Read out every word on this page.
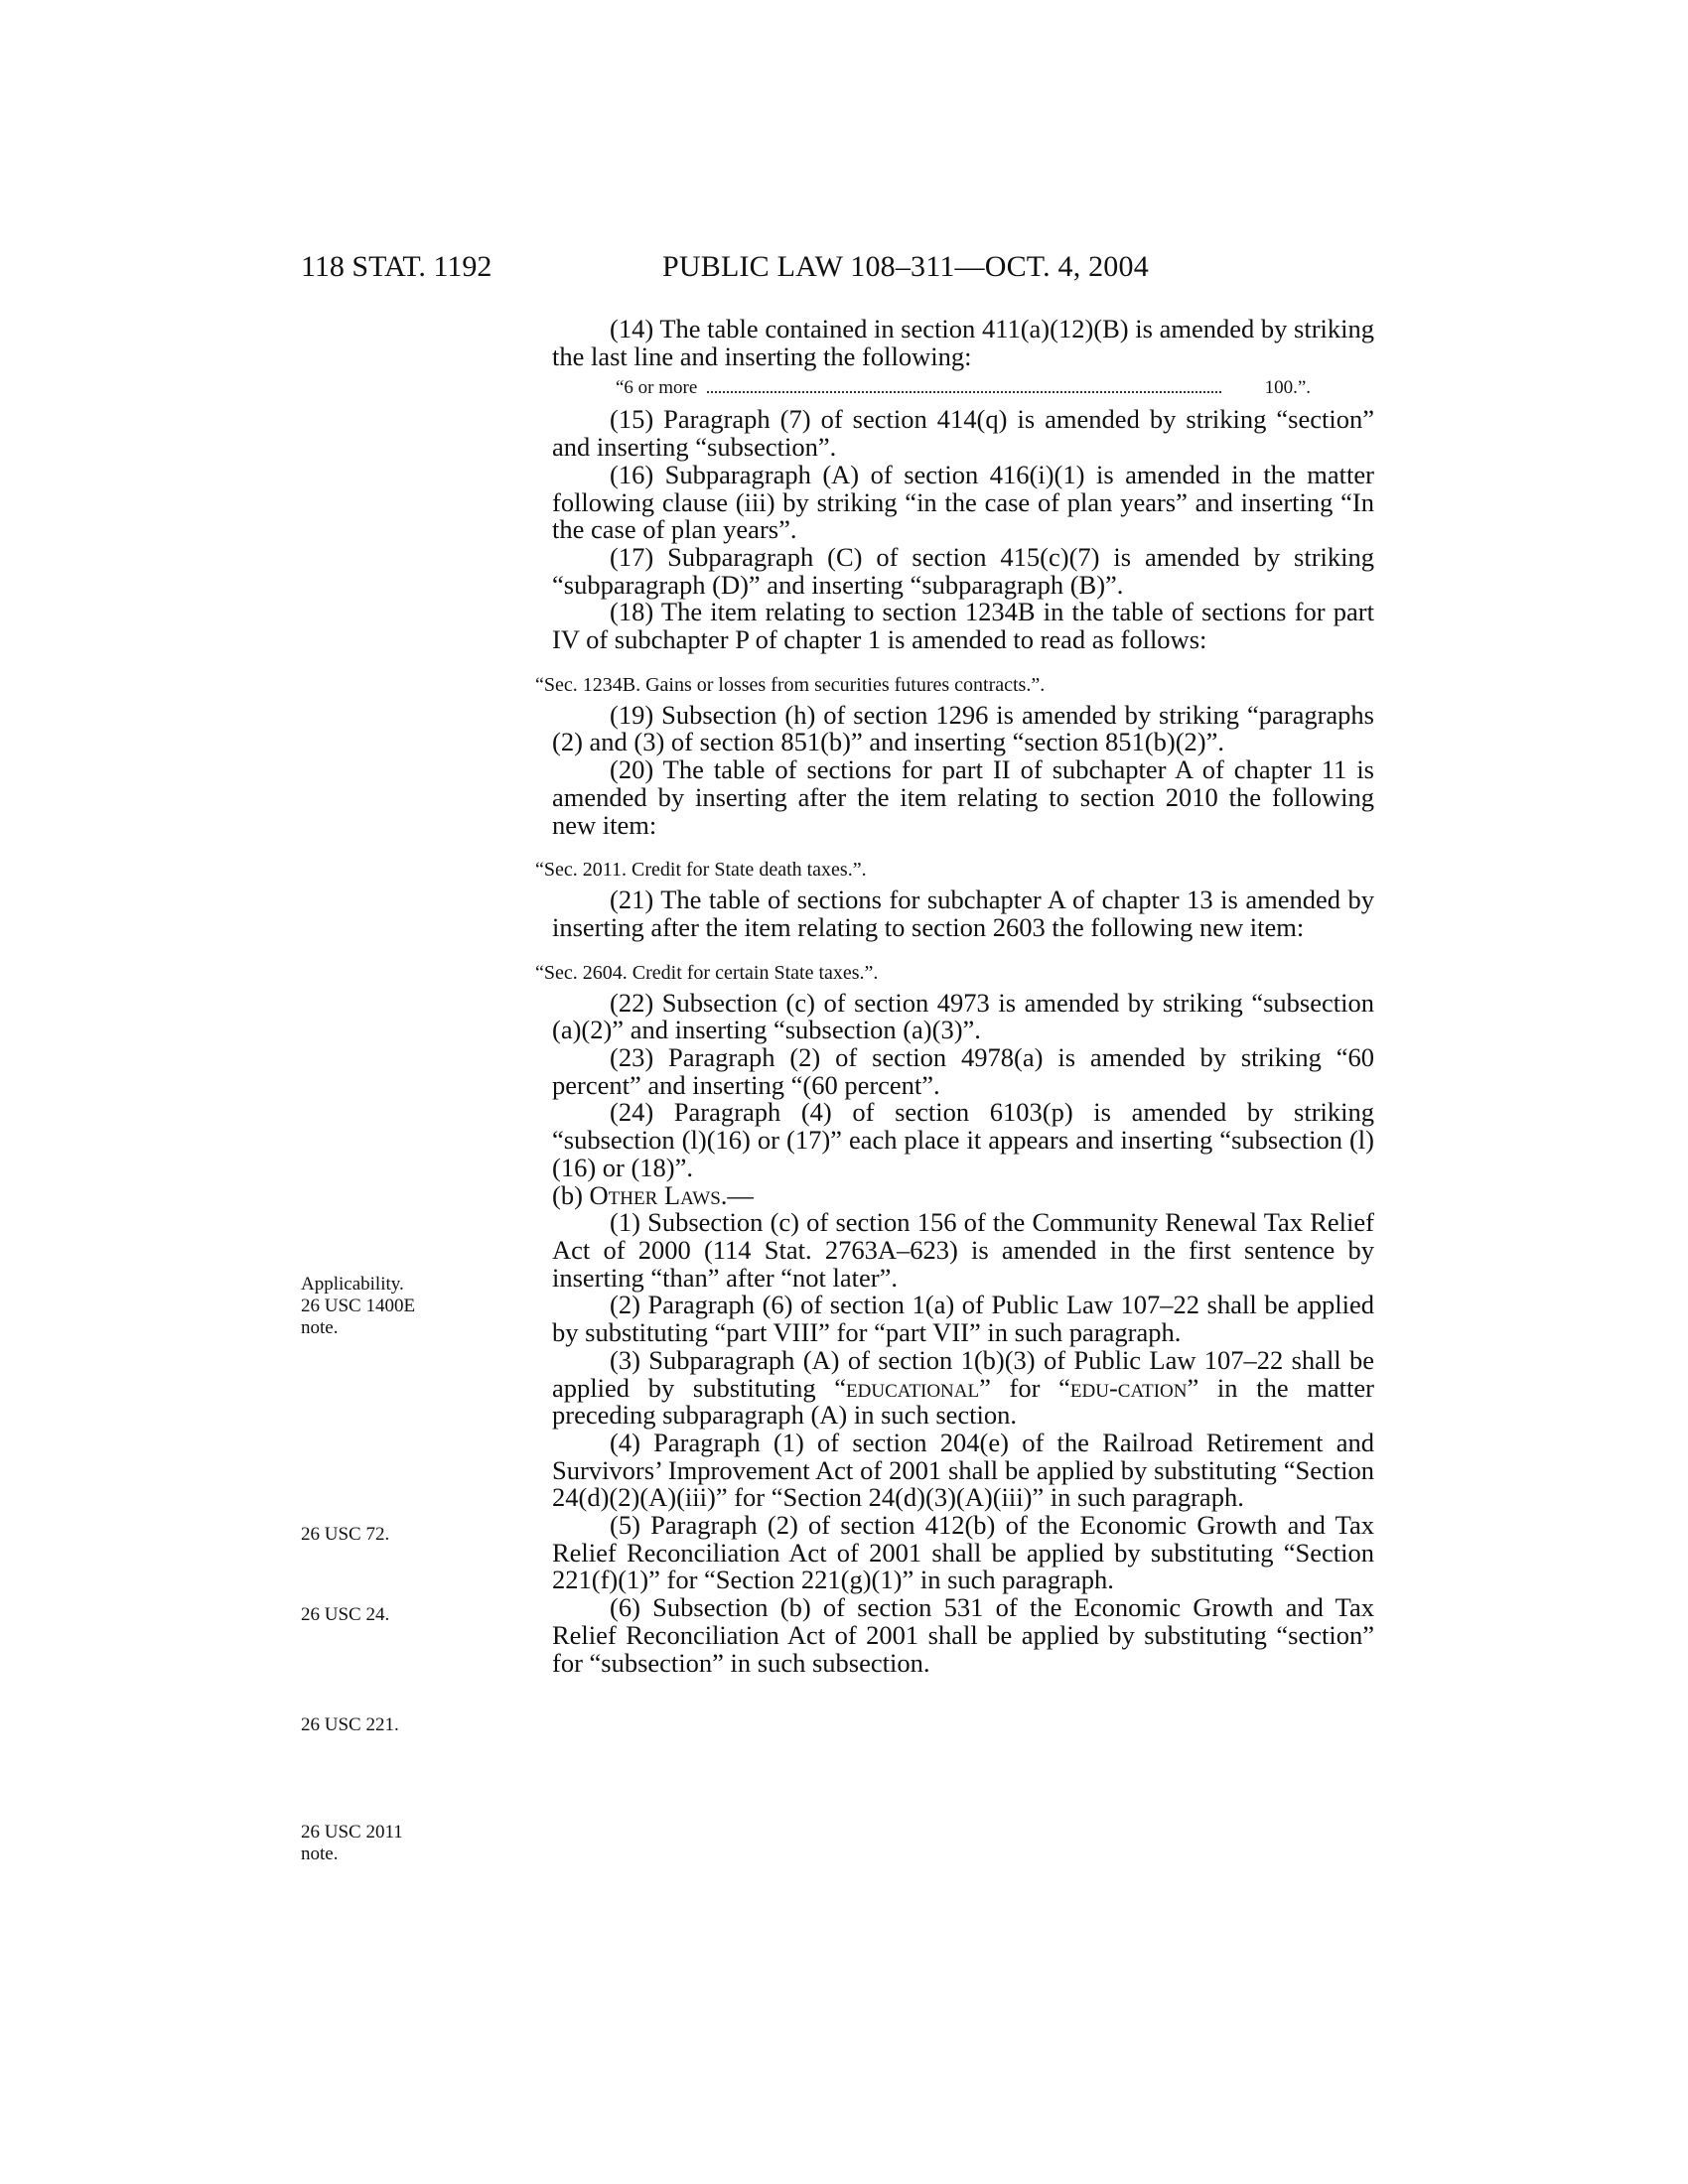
118 STAT. 1192	PUBLIC LAW 108–311—OCT. 4, 2004
Applicability.
26 USC 1400E
note.
26 USC 72.
26 USC 24.
26 USC 221.
26 USC 2011
note.

(14) The table contained in section 411(a)(12)(B) is amended by striking the last line and inserting the following:

“6 or more	100.”.

(15) Paragraph (7) of section 414(q) is amended by striking “section” and inserting “subsection”.

(16) Subparagraph (A) of section 416(i)(1) is amended in the matter following clause (iii) by striking “in the case of plan years” and inserting “In the case of plan years”.

(17) Subparagraph (C) of section 415(c)(7) is amended by striking “subparagraph (D)” and inserting “subparagraph (B)”.

(18) The item relating to section 1234B in the table of sections for part IV of subchapter P of chapter 1 is amended to read as follows:

“Sec. 1234B. Gains or losses from securities futures contracts.”.

(19) Subsection (h) of section 1296 is amended by striking “paragraphs (2) and (3) of section 851(b)” and inserting “section 851(b)(2)”.

(20) The table of sections for part II of subchapter A of chapter 11 is amended by inserting after the item relating to section 2010 the following new item:

“Sec. 2011. Credit for State death taxes.”.

(21) The table of sections for subchapter A of chapter 13 is amended by inserting after the item relating to section 2603 the following new item:

“Sec. 2604. Credit for certain State taxes.”.

(22) Subsection (c) of section 4973 is amended by striking “subsection (a)(2)” and inserting “subsection (a)(3)”.

(23) Paragraph (2) of section 4978(a) is amended by striking “60 percent” and inserting “(60 percent”.

(24) Paragraph (4) of section 6103(p) is amended by striking “subsection (l)(16) or (17)” each place it appears and inserting “subsection (l)(16) or (18)”.

(b) Other Laws.—

(1) Subsection (c) of section 156 of the Community Renewal Tax Relief Act of 2000 (114 Stat. 2763A–623) is amended in the first sentence by inserting “than” after “not later”.

(2) Paragraph (6) of section 1(a) of Public Law 107–22 shall be applied by substituting “part VIII” for “part VII” in such paragraph.

(3) Subparagraph (A) of section 1(b)(3) of Public Law 107–22 shall be applied by substituting “educational” for “edu-cation” in the matter preceding subparagraph (A) in such section.

(4) Paragraph (1) of section 204(e) of the Railroad Retirement and Survivors’ Improvement Act of 2001 shall be applied by substituting “Section 24(d)(2)(A)(iii)” for “Section 24(d)(3)(A)(iii)” in such paragraph.

(5) Paragraph (2) of section 412(b) of the Economic Growth and Tax Relief Reconciliation Act of 2001 shall be applied by substituting “Section 221(f)(1)” for “Section 221(g)(1)” in such paragraph.

(6) Subsection (b) of section 531 of the Economic Growth and Tax Relief Reconciliation Act of 2001 shall be applied by substituting “section” for “subsection” in such subsection.
